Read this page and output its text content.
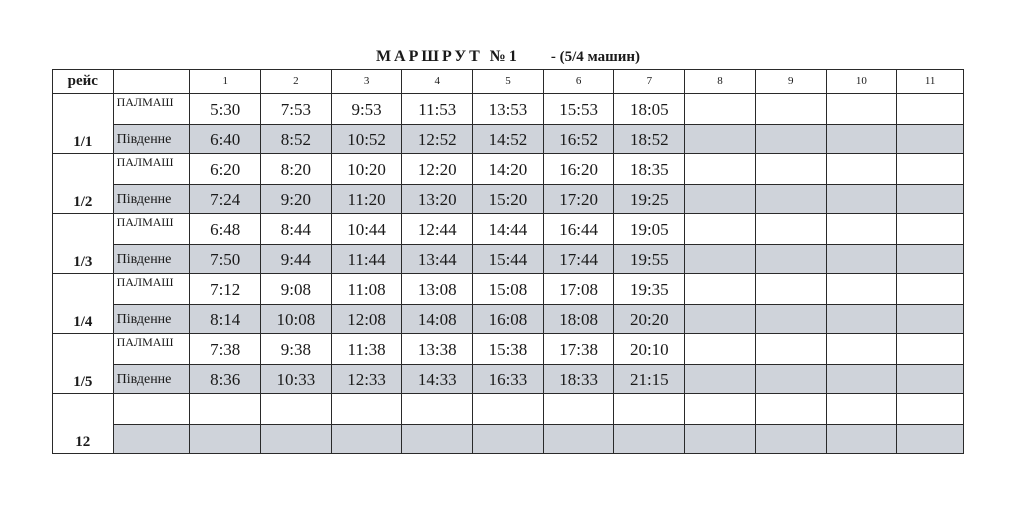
МАРШРУТ №1 - (5/4 машин)
рейс		1	2	3	4	5	6	7	8	9	10	11
1/1	ПАЛМАШ	5:30	7:53	9:53	11:53	13:53	15:53	18:05				
	Південне	6:40	8:52	10:52	12:52	14:52	16:52	18:52				
1/2	ПАЛМАШ	6:20	8:20	10:20	12:20	14:20	16:20	18:35				
	Південне	7:24	9:20	11:20	13:20	15:20	17:20	19:25				
1/3	ПАЛМАШ	6:48	8:44	10:44	12:44	14:44	16:44	19:05				
	Південне	7:50	9:44	11:44	13:44	15:44	17:44	19:55				
1/4	ПАЛМАШ	7:12	9:08	11:08	13:08	15:08	17:08	19:35				
	Південне	8:14	10:08	12:08	14:08	16:08	18:08	20:20				
1/5	ПАЛМАШ	7:38	9:38	11:38	13:38	15:38	17:38	20:10				
	Південне	8:36	10:33	12:33	14:33	16:33	18:33	21:15				
12												
